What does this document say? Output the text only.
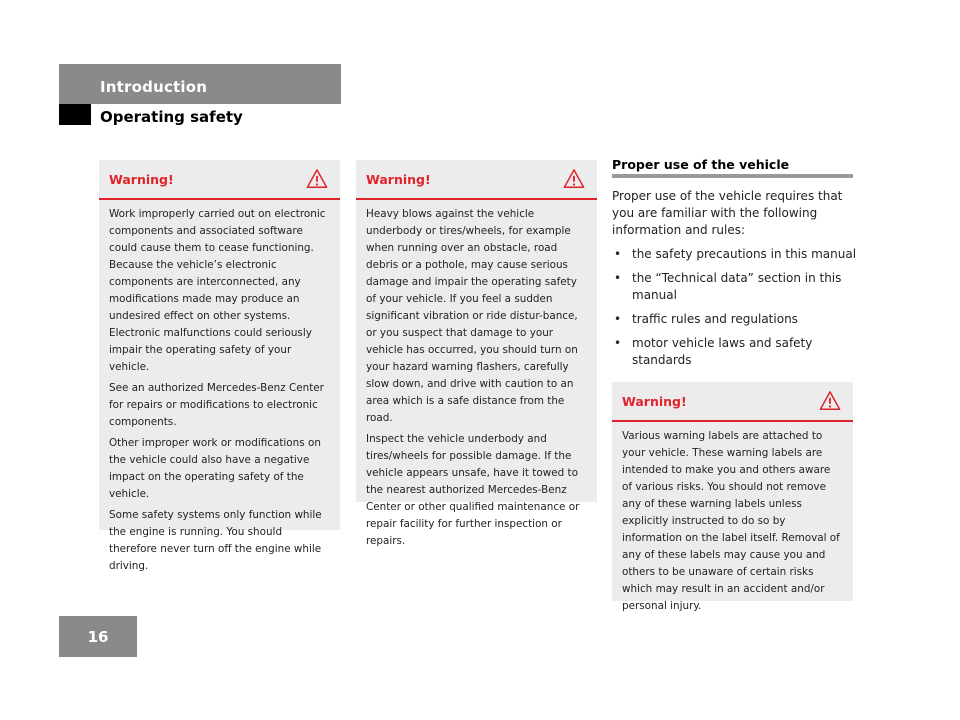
Introduction
Operating safety
Warning!

Work improperly carried out on electronic components and associated software could cause them to cease functioning. Because the vehicle’s electronic components are interconnected, any modifications made may produce an undesired effect on other systems. Electronic malfunctions could seriously impair the operating safety of your vehicle.

See an authorized Mercedes-Benz Center for repairs or modifications to electronic components.

Other improper work or modifications on the vehicle could also have a negative impact on the operating safety of the vehicle.

Some safety systems only function while the engine is running. You should therefore never turn off the engine while driving.

Warning!

Heavy blows against the vehicle underbody or tires/wheels, for example when running over an obstacle, road debris or a pothole, may cause serious damage and impair the operating safety of your vehicle. If you feel a sudden significant vibration or ride distur-bance, or you suspect that damage to your vehicle has occurred, you should turn on your hazard warning flashers, carefully slow down, and drive with caution to an area which is a safe distance from the road.

Inspect the vehicle underbody and tires/wheels for possible damage. If the vehicle appears unsafe, have it towed to the nearest authorized Mercedes-Benz Center or other qualified maintenance or repair facility for further inspection or repairs.

Proper use of the vehicle

Proper use of the vehicle requires that you are familiar with the following information and rules:

• the safety precautions in this manual
• the “Technical data” section in this manual
• traffic rules and regulations
• motor vehicle laws and safety standards
Warning!

Various warning labels are attached to your vehicle. These warning labels are intended to make you and others aware of various risks. You should not remove any of these warning labels unless explicitly instructed to do so by information on the label itself. Removal of any of these labels may cause you and others to be unaware of certain risks which may result in an accident and/or personal injury.

16
